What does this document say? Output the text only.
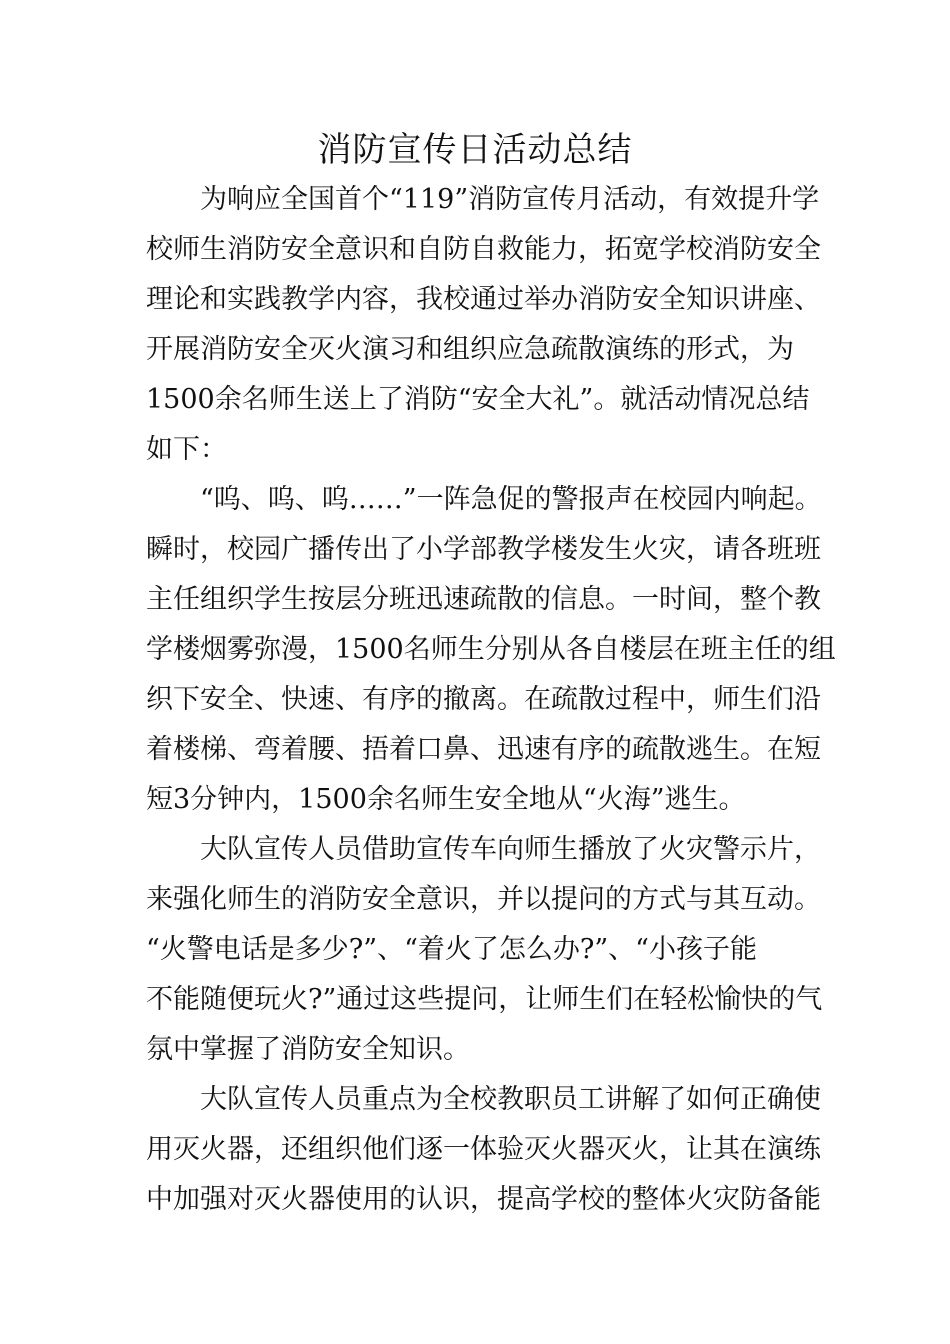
消防宣传日活动总结

为响应全国首个“119”消防宣传月活动，有效提升学

校师生消防安全意识和自防自救能力，拓宽学校消防安全

理论和实践教学内容，我校通过举办消防安全知识讲座、

开展消防安全灭火演习和组织应急疏散演练的形式，为

1500余名师生送上了消防“安全大礼”。就活动情况总结

如下：

“呜、呜、呜……”一阵急促的警报声在校园内响起。

瞬时，校园广播传出了小学部教学楼发生火灾，请各班班

主任组织学生按层分班迅速疏散的信息。一时间，整个教

学楼烟雾弥漫，1500名师生分别从各自楼层在班主任的组

织下安全、快速、有序的撤离。在疏散过程中，师生们沿

着楼梯、弯着腰、捂着口鼻、迅速有序的疏散逃生。在短

短3分钟内，1500余名师生安全地从“火海”逃生。

大队宣传人员借助宣传车向师生播放了火灾警示片，

来强化师生的消防安全意识，并以提问的方式与其互动。

“火警电话是多少?”、“着火了怎么办?”、“小孩子能

不能随便玩火?”通过这些提问，让师生们在轻松愉快的气

氛中掌握了消防安全知识。

大队宣传人员重点为全校教职员工讲解了如何正确使

用灭火器，还组织他们逐一体验灭火器灭火，让其在演练

中加强对灭火器使用的认识，提高学校的整体火灾防备能
